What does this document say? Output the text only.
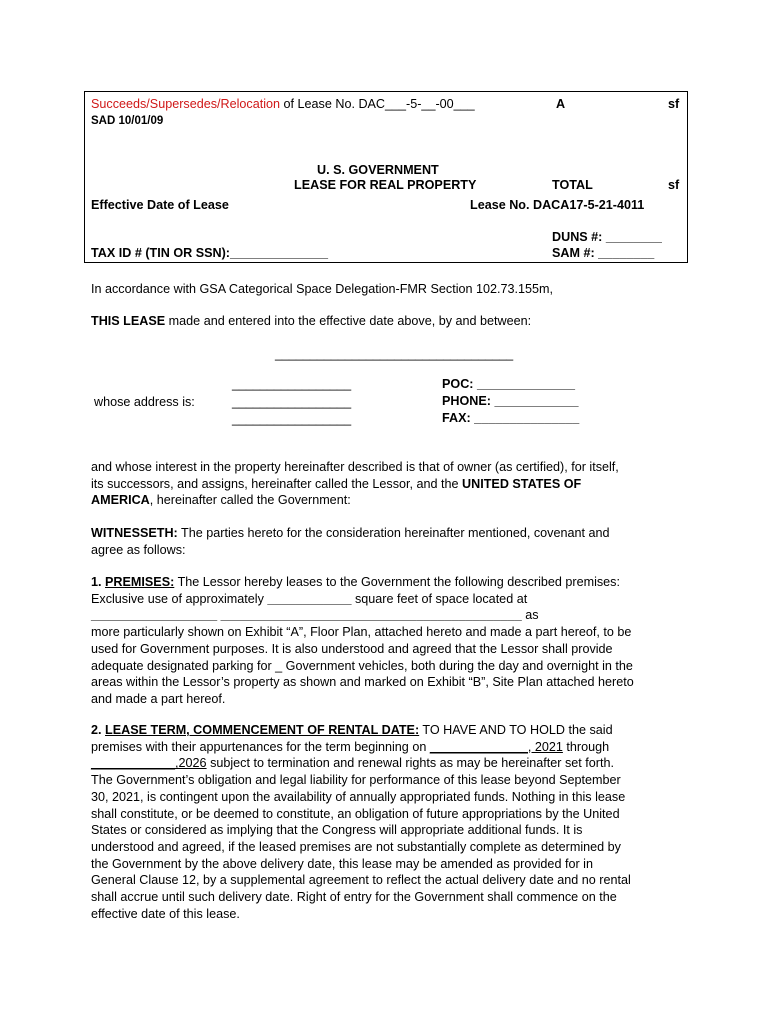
Succeeds/Supersedes/Relocation of Lease No. DAC___-5-__-00___	A	sf
SAD 10/01/09
U. S. GOVERNMENT
LEASE FOR REAL PROPERTY	TOTAL	sf
Effective Date of Lease	Lease No. DACA17-5-21-4011
DUNS #: ________
TAX ID # (TIN OR SSN):______________	SAM #: ________
In accordance with GSA Categorical Space Delegation-FMR Section 102.73.155m,
THIS LEASE made and entered into the effective date above, by and between:
__________________________________
_________________
whose address is:	_________________
_________________
POC: ______________
PHONE: ____________
FAX: _______________
and whose interest in the property hereinafter described is that of owner (as certified), for itself,
its successors, and assigns, hereinafter called the Lessor, and the UNITED STATES OF
AMERICA, hereinafter called the Government:
WITNESSETH: The parties hereto for the consideration hereinafter mentioned, covenant and
agree as follows:
1. PREMISES: The Lessor hereby leases to the Government the following described premises:
Exclusive use of approximately ____________ square feet of space located at
__________________ ___________________________________________ as
more particularly shown on Exhibit “A”, Floor Plan, attached hereto and made a part hereof, to be
used for Government purposes. It is also understood and agreed that the Lessor shall provide
adequate designated parking for _ Government vehicles, both during the day and overnight in the
areas within the Lessor’s property as shown and marked on Exhibit “B”, Site Plan attached hereto
and made a part hereof.
2. LEASE TERM, COMMENCEMENT OF RENTAL DATE: TO HAVE AND TO HOLD the said
premises with their appurtenances for the term beginning on ______________, 2021 through
____________,2026 subject to termination and renewal rights as may be hereinafter set forth.
The Government’s obligation and legal liability for performance of this lease beyond September
30, 2021, is contingent upon the availability of annually appropriated funds. Nothing in this lease
shall constitute, or be deemed to constitute, an obligation of future appropriations by the United
States or considered as implying that the Congress will appropriate additional funds. It is
understood and agreed, if the leased premises are not substantially complete as determined by
the Government by the above delivery date, this lease may be amended as provided for in
General Clause 12, by a supplemental agreement to reflect the actual delivery date and no rental
shall accrue until such delivery date. Right of entry for the Government shall commence on the
effective date of this lease.
